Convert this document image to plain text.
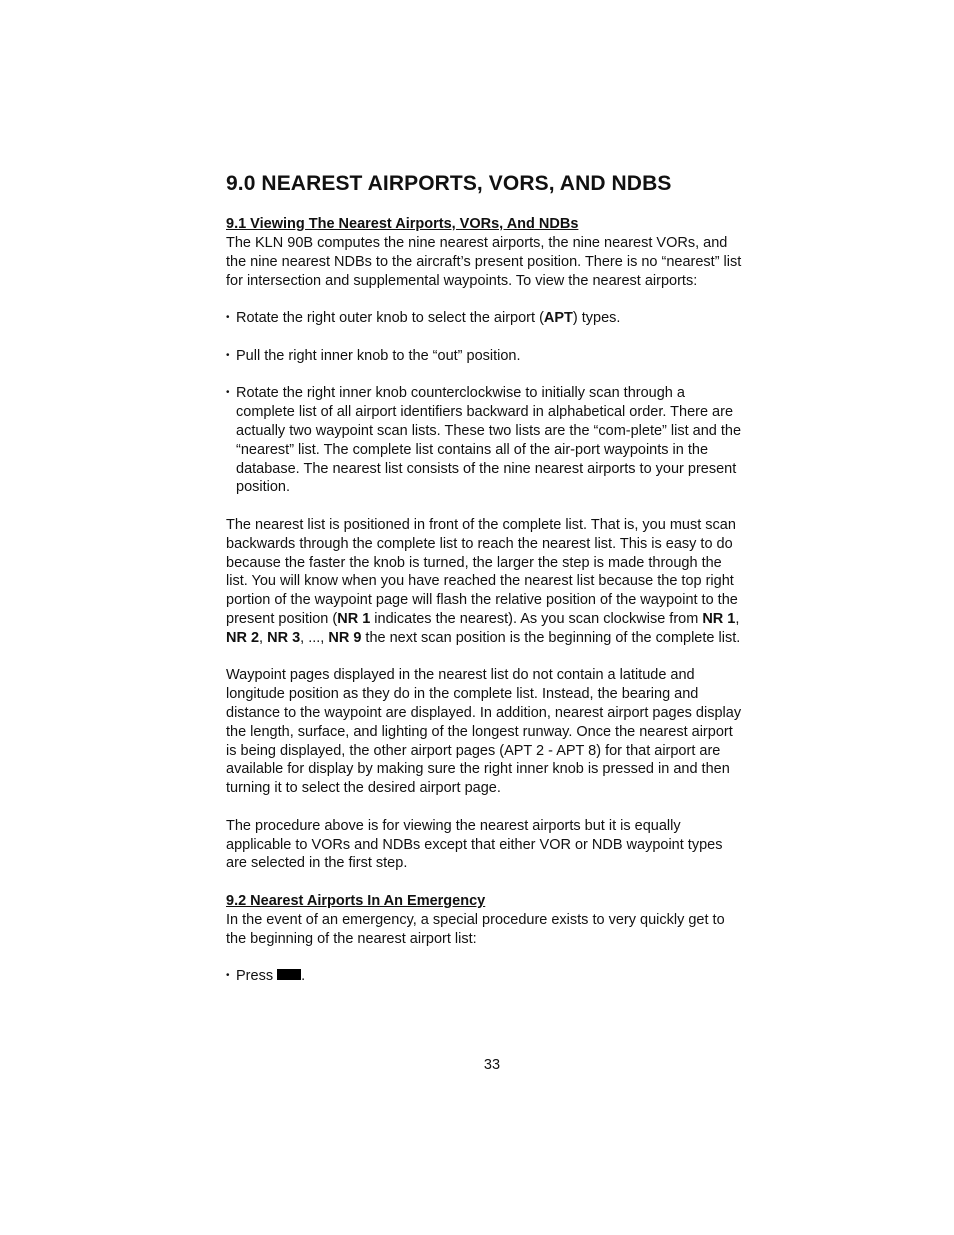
9.0 NEAREST AIRPORTS, VORS, AND NDBS
9.1 Viewing The Nearest Airports, VORs, And NDBs

The KLN 90B computes the nine nearest airports, the nine nearest VORs, and the nine nearest NDBs to the aircraft’s present position. There is no “nearest” list for intersection and supplemental waypoints. To view the nearest airports:

• Rotate the right outer knob to select the airport (APT) types.
• Pull the right inner knob to the “out” position.
• Rotate the right inner knob counterclockwise to initially scan through a complete list of all airport identifiers backward in alphabetical order. There are actually two waypoint scan lists. These two lists are the “com-plete” list and the “nearest” list. The complete list contains all of the air-port waypoints in the database. The nearest list consists of the nine nearest airports to your present position.

The nearest list is positioned in front of the complete list. That is, you must scan backwards through the complete list to reach the nearest list. This is easy to do because the faster the knob is turned, the larger the step is made through the list. You will know when you have reached the nearest list because the top right portion of the waypoint page will flash the relative position of the waypoint to the present position (NR 1 indicates the nearest). As you scan clockwise from NR 1, NR 2, NR 3, ..., NR 9 the next scan position is the beginning of the complete list.

Waypoint pages displayed in the nearest list do not contain a latitude and longitude position as they do in the complete list. Instead, the bearing and distance to the waypoint are displayed. In addition, nearest airport pages display the length, surface, and lighting of the longest runway. Once the nearest airport is being displayed, the other airport pages (APT 2 - APT 8) for that airport are available for display by making sure the right inner knob is pressed in and then turning it to select the desired airport page.

The procedure above is for viewing the nearest airports but it is equally applicable to VORs and NDBs except that either VOR or NDB waypoint types are selected in the first step.

9.2 Nearest Airports In An Emergency

In the event of an emergency, a special procedure exists to very quickly get to the beginning of the nearest airport list:

• Press .
33
